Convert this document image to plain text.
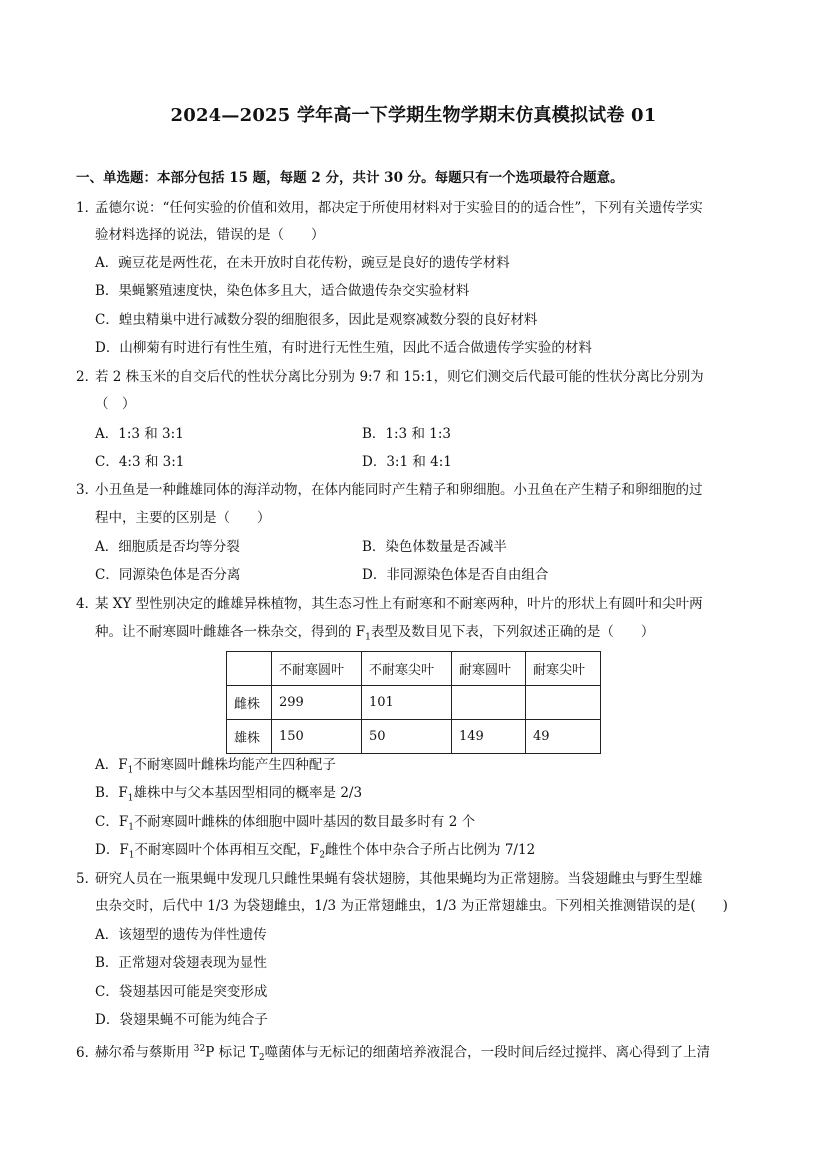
2024—2025 学年高一下学期生物学期末仿真模拟试卷 01
一、单选题：本部分包括 15 题，每题 2 分，共计 30 分。每题只有一个选项最符合题意。
1．孟德尔说：“任何实验的价值和效用，都决定于所使用材料对于实验目的的适合性”，下列有关遗传学实
验材料选择的说法，错误的是（　　）
A．豌豆花是两性花，在未开放时自花传粉，豌豆是良好的遗传学材料
B．果蝇繁殖速度快，染色体多且大，适合做遗传杂交实验材料
C．蝗虫精巢中进行减数分裂的细胞很多，因此是观察减数分裂的良好材料
D．山柳菊有时进行有性生殖，有时进行无性生殖，因此不适合做遗传学实验的材料
2．若 2 株玉米的自交后代的性状分离比分别为 9:7 和 15:1，则它们测交后代最可能的性状分离比分别为
（　）
A．1:3 和 3:1	B．1:3 和 1:3
C．4:3 和 3:1	D．3:1 和 4:1
3．小丑鱼是一种雌雄同体的海洋动物，在体内能同时产生精子和卵细胞。小丑鱼在产生精子和卵细胞的过
程中，主要的区别是（　　）
A．细胞质是否均等分裂	B．染色体数量是否减半
C．同源染色体是否分离	D．非同源染色体是否自由组合
4．某 XY 型性别决定的雌雄异株植物，其生态习性上有耐寒和不耐寒两种，叶片的形状上有圆叶和尖叶两
种。让不耐寒圆叶雌雄各一株杂交，得到的 $F_1$表型及数目见下表，下列叙述正确的是（　　）
	不耐寒圆叶	不耐寒尖叶	耐寒圆叶	耐寒尖叶
雌株	299	101		
雄株	150	50	149	49
A．$F_1$不耐寒圆叶雌株均能产生四种配子
B．$F_1$雄株中与父本基因型相同的概率是 2/3
C．$F_1$不耐寒圆叶雌株的体细胞中圆叶基因的数目最多时有 2 个
D．$F_1$不耐寒圆叶个体再相互交配，$F_2$雌性个体中杂合子所占比例为 7/12
5．研究人员在一瓶果蝇中发现几只雌性果蝇有袋状翅膀，其他果蝇均为正常翅膀。当袋翅雌虫与野生型雄
虫杂交时，后代中 1/3 为袋翅雌虫，1/3 为正常翅雌虫，1/3 为正常翅雄虫。下列相关推测错误的是(　　)
A．该翅型的遗传为伴性遗传
B．正常翅对袋翅表现为显性
C．袋翅基因可能是突变形成
D．袋翅果蝇不可能为纯合子
6．赫尔希与蔡斯用 $^{32}$P 标记 $T_2$噬菌体与无标记的细菌培养液混合，一段时间后经过搅拌、离心得到了上清
